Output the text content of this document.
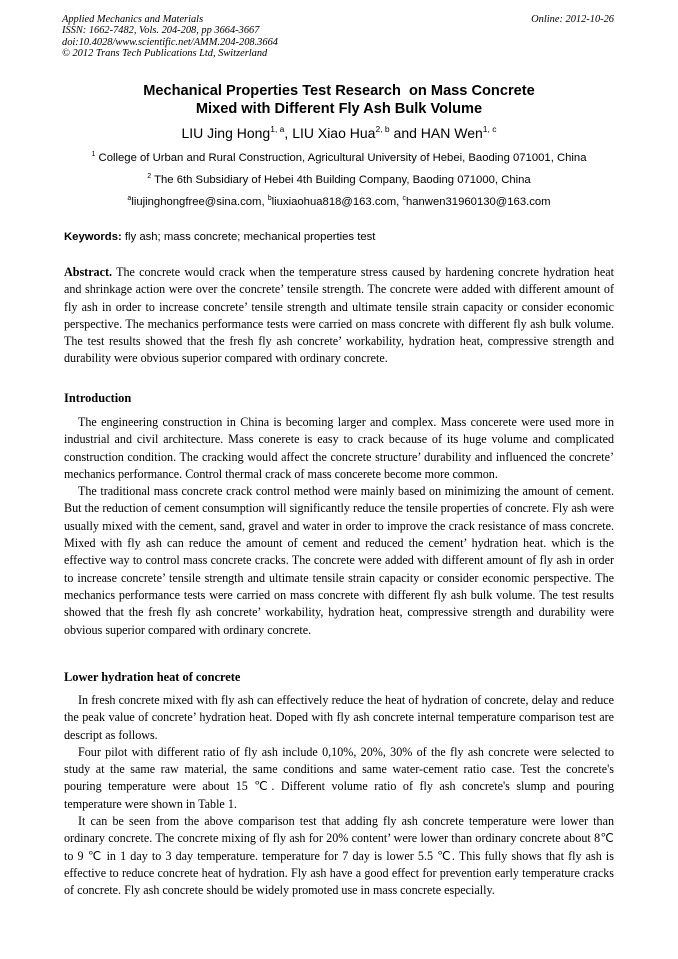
Applied Mechanics and Materials
ISSN: 1662-7482, Vols. 204-208, pp 3664-3667
doi:10.4028/www.scientific.net/AMM.204-208.3664
© 2012 Trans Tech Publications Ltd, Switzerland
Online: 2012-10-26
Mechanical Properties Test Research  on Mass Concrete
Mixed with Different Fly Ash Bulk Volume
LIU Jing Hong$^{1, a}$, LIU Xiao Hua$^{2, b}$ and HAN Wen$^{1, c}$
$^1$ College of Urban and Rural Construction, Agricultural University of Hebei, Baoding 071001, China
$^2$ The 6th Subsidiary of Hebei 4th Building Company, Baoding 071000, China
$^a$liujinghongfree@sina.com, $^b$liuxiaohua818@163.com, $^c$hanwen31960130@163.com
Keywords: fly ash; mass concrete; mechanical properties test

Abstract. The concrete would crack when the temperature stress caused by hardening concrete hydration heat and shrinkage action were over the concrete’ tensile strength. The concrete were added with different amount of fly ash in order to increase concrete’ tensile strength and ultimate tensile strain capacity or consider economic perspective. The mechanics performance tests were carried on mass concrete with different fly ash bulk volume. The test results showed that the fresh fly ash concrete’ workability, hydration heat, compressive strength and durability were obvious superior compared with ordinary concrete.

Introduction

The engineering construction in China is becoming larger and complex. Mass concerete were used more in industrial and civil architecture. Mass conerete is easy to crack because of its huge volume and complicated construction condition. The cracking would affect the concrete structure’ durability and influenced the concrete’ mechanics performance. Control thermal crack of mass concerete become more common.

The traditional mass concrete crack control method were mainly based on minimizing the amount of cement. But the reduction of cement consumption will significantly reduce the tensile properties of concrete. Fly ash were usually mixed with the cement, sand, gravel and water in order to improve the crack resistance of mass concrete. Mixed with fly ash can reduce the amount of cement and reduced the cement’ hydration heat. which is the effective way to control mass concrete cracks. The concrete were added with different amount of fly ash in order to increase concrete’ tensile strength and ultimate tensile strain capacity or consider economic perspective. The mechanics performance tests were carried on mass concrete with different fly ash bulk volume. The test results showed that the fresh fly ash concrete’ workability, hydration heat, compressive strength and durability were obvious superior compared with ordinary concrete.

Lower hydration heat of concrete

In fresh concrete mixed with fly ash can effectively reduce the heat of hydration of concrete, delay and reduce the peak value of concrete’ hydration heat. Doped with fly ash concrete internal temperature comparison test are descript as follows.

Four pilot with different ratio of fly ash include 0,10%, 20%, 30% of the fly ash concrete were selected to study at the same raw material, the same conditions and same water-cement ratio case. Test the concrete's pouring temperature were about 15 ℃. Different volume ratio of fly ash concrete's slump and pouring temperature were shown in Table 1.

It can be seen from the above comparison test that adding fly ash concrete temperature were lower than ordinary concrete. The concrete mixing of fly ash for 20% content’ were lower than ordinary concrete about 8℃ to 9 ℃ in 1 day to 3 day temperature. temperature for 7 day is lower 5.5 ℃. This fully shows that fly ash is effective to reduce concrete heat of hydration. Fly ash have a good effect for prevention early temperature cracks of concrete. Fly ash concrete should be widely promoted use in mass concrete especially.
